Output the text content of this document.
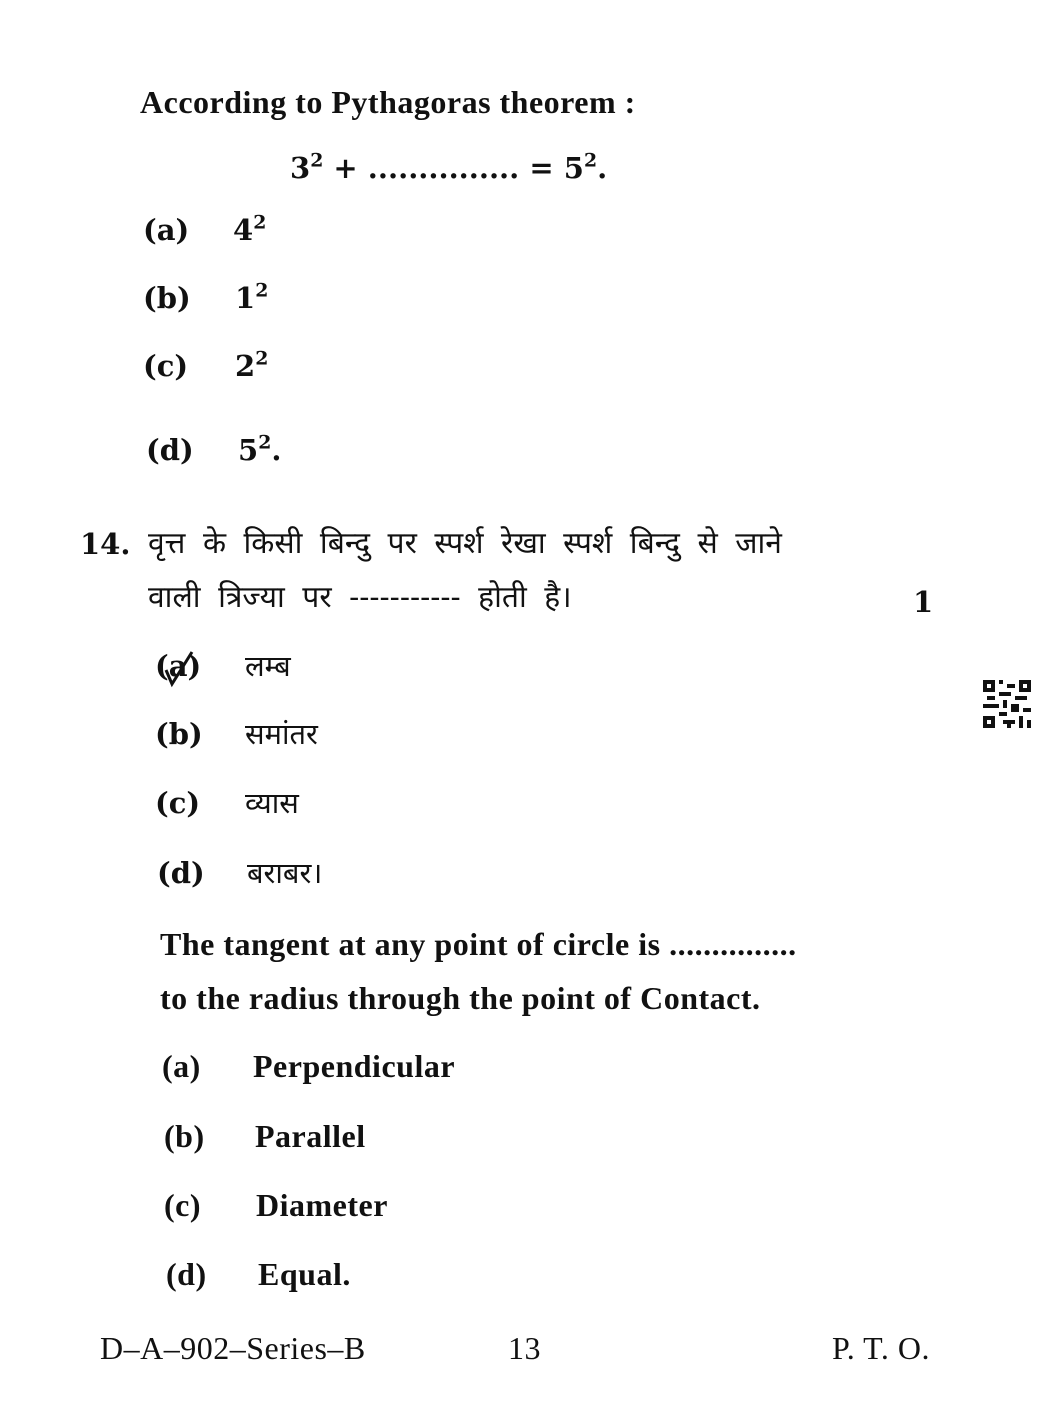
According to Pythagoras theorem :
$3^2$ + ............... = $5^2$.
(a) $4^2$
(b) $1^2$
(c) $2^2$
(d) $5^2$.
14. वृत्त के किसी बिन्दु पर स्पर्श रेखा स्पर्श बिन्दु से जाने
वाली त्रिज्या पर ----------- होती है।	1
(a) लम्ब
(b) समांतर
(c) व्यास
(d) बराबर।
The tangent at any point of circle is ...............
to the radius through the point of Contact.
(a) Perpendicular
(b) Parallel
(c) Diameter
(d) Equal.
D–A–902–Series–B	13	P. T. O.
